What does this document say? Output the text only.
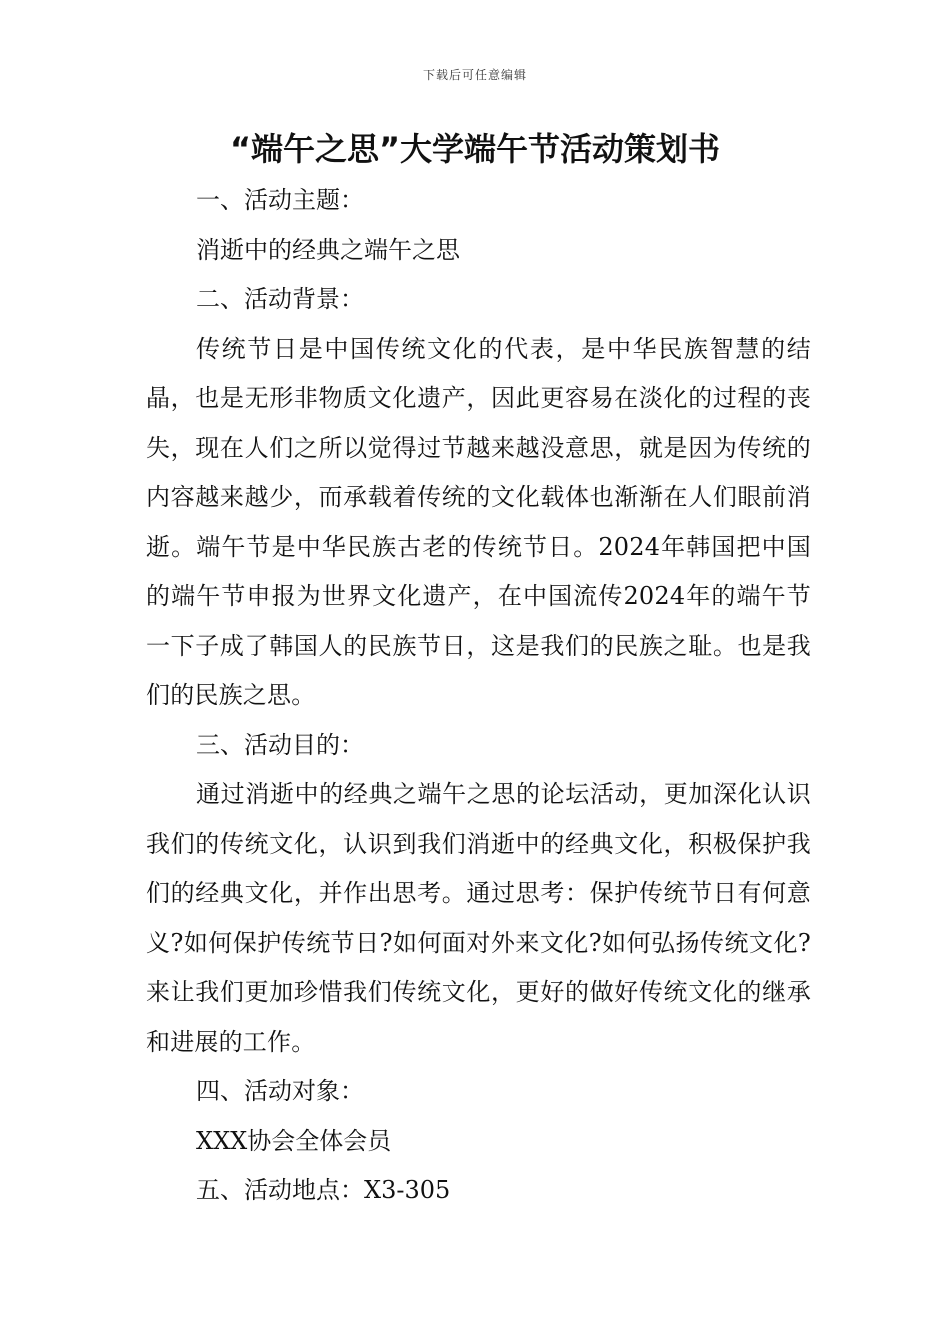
下载后可任意编辑
“端午之思”大学端午节活动策划书

一、活动主题：

消逝中的经典之端午之思

二、活动背景：

传统节日是中国传统文化的代表，是中华民族智慧的结晶，也是无形非物质文化遗产，因此更容易在淡化的过程的丧失，现在人们之所以觉得过节越来越没意思，就是因为传统的内容越来越少，而承载着传统的文化载体也渐渐在人们眼前消逝。端午节是中华民族古老的传统节日。2024年韩国把中国的端午节申报为世界文化遗产，在中国流传2024年的端午节一下子成了韩国人的民族节日，这是我们的民族之耻。也是我们的民族之思。

三、活动目的：

通过消逝中的经典之端午之思的论坛活动，更加深化认识我们的传统文化，认识到我们消逝中的经典文化，积极保护我们的经典文化，并作出思考。通过思考：保护传统节日有何意义?如何保护传统节日?如何面对外来文化?如何弘扬传统文化?来让我们更加珍惜我们传统文化，更好的做好传统文化的继承和进展的工作。

四、活动对象：

XXX协会全体会员

五、活动地点：X3-305
